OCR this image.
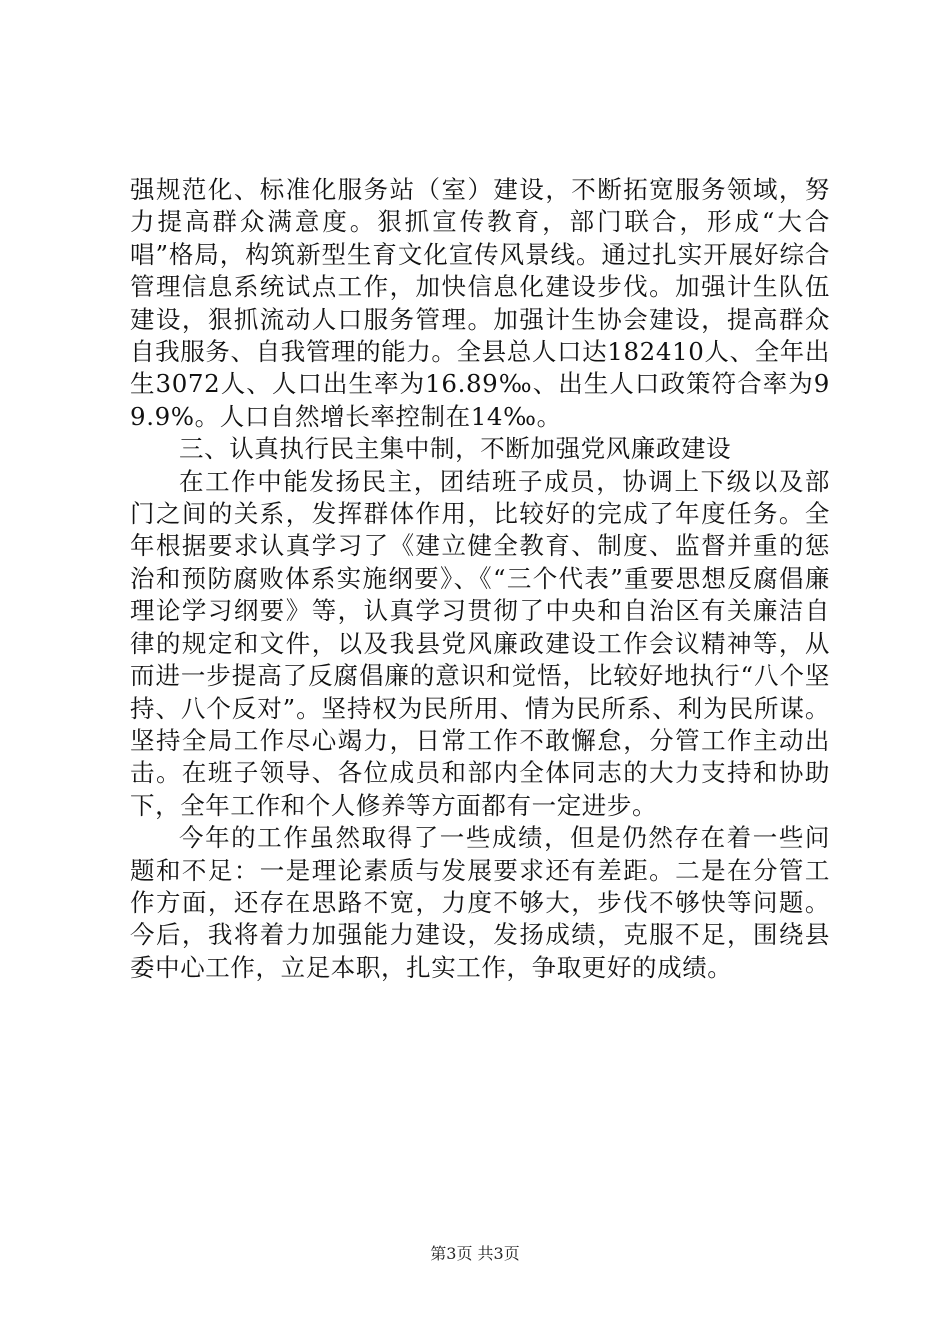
强规范化、标准化服务站（室）建设，不断拓宽服务领域，努力提高群众满意度。狠抓宣传教育，部门联合，形成“大合唱”格局，构筑新型生育文化宣传风景线。通过扎实开展好综合管理信息系统试点工作，加快信息化建设步伐。加强计生队伍建设，狠抓流动人口服务管理。加强计生协会建设，提高群众自我服务、自我管理的能力。全县总人口达182410人、全年出生3072人、人口出生率为16.89‰、出生人口政策符合率为99.9%。人口自然增长率控制在14‰。

三、认真执行民主集中制，不断加强党风廉政建设

在工作中能发扬民主，团结班子成员，协调上下级以及部门之间的关系，发挥群体作用，比较好的完成了年度任务。全年根据要求认真学习了《建立健全教育、制度、监督并重的惩治和预防腐败体系实施纲要》、《“三个代表”重要思想反腐倡廉理论学习纲要》等，认真学习贯彻了中央和自治区有关廉洁自律的规定和文件，以及我县党风廉政建设工作会议精神等，从而进一步提高了反腐倡廉的意识和觉悟，比较好地执行“八个坚持、八个反对”。坚持权为民所用、情为民所系、利为民所谋。坚持全局工作尽心竭力，日常工作不敢懈怠，分管工作主动出击。在班子领导、各位成员和部内全体同志的大力支持和协助下，全年工作和个人修养等方面都有一定进步。

今年的工作虽然取得了一些成绩，但是仍然存在着一些问题和不足：一是理论素质与发展要求还有差距。二是在分管工作方面，还存在思路不宽，力度不够大，步伐不够快等问题。今后，我将着力加强能力建设，发扬成绩，克服不足，围绕县委中心工作，立足本职，扎实工作，争取更好的成绩。

第3页 共3页
